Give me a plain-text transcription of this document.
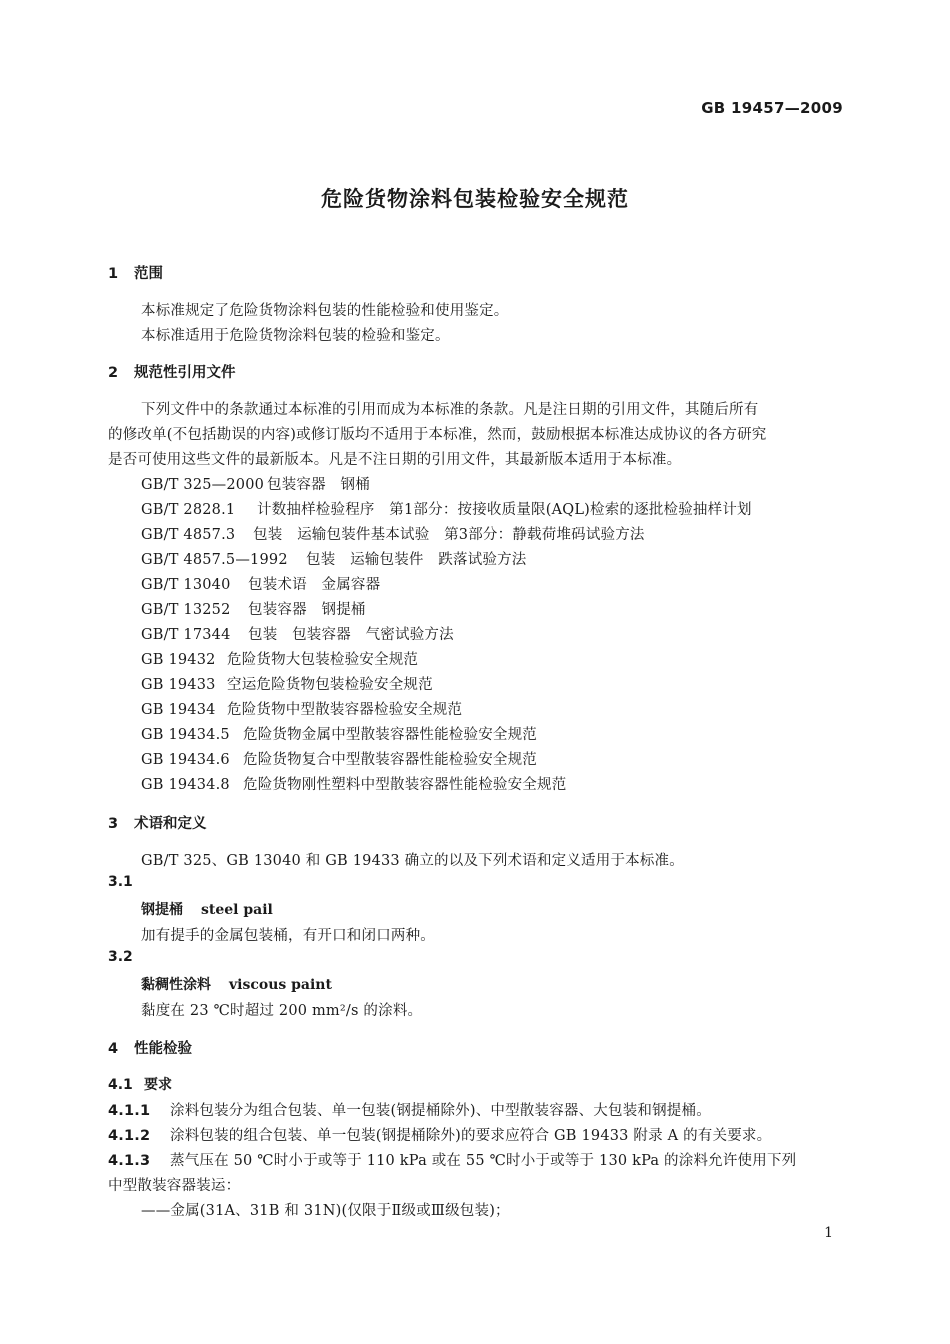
GB 19457—2009
危险货物涂料包装检验安全规范
1 范围
本标准规定了危险货物涂料包装的性能检验和使用鉴定。
本标准适用于危险货物涂料包装的检验和鉴定。
2 规范性引用文件
下列文件中的条款通过本标准的引用而成为本标准的条款。凡是注日期的引用文件，其随后所有
的修改单(不包括勘误的内容)或修订版均不适用于本标准，然而，鼓励根据本标准达成协议的各方研究
是否可使用这些文件的最新版本。凡是不注日期的引用文件，其最新版本适用于本标准。
GB/T 325—2000 包装容器　钢桶
GB/T 2828.1 计数抽样检验程序　第1部分：按接收质量限(AQL)检索的逐批检验抽样计划
GB/T 4857.3 包装　运输包装件基本试验　第3部分：静载荷堆码试验方法
GB/T 4857.5—1992 包装　运输包装件　跌落试验方法
GB/T 13040 包装术语　金属容器
GB/T 13252 包装容器　钢提桶
GB/T 17344 包装　包装容器　气密试验方法
GB 19432 危险货物大包装检验安全规范
GB 19433 空运危险货物包装检验安全规范
GB 19434 危险货物中型散装容器检验安全规范
GB 19434.5 危险货物金属中型散装容器性能检验安全规范
GB 19434.6 危险货物复合中型散装容器性能检验安全规范
GB 19434.8 危险货物刚性塑料中型散装容器性能检验安全规范
3 术语和定义
GB/T 325、GB 13040 和 GB 19433 确立的以及下列术语和定义适用于本标准。
3.1
钢提桶 steel pail
加有提手的金属包装桶，有开口和闭口两种。
3.2
黏稠性涂料 viscous paint
黏度在 23 ℃时超过 200 mm²/s 的涂料。
4 性能检验
4.1 要求
4.1.1 涂料包装分为组合包装、单一包装(钢提桶除外)、中型散装容器、大包装和钢提桶。
4.1.2 涂料包装的组合包装、单一包装(钢提桶除外)的要求应符合 GB 19433 附录 A 的有关要求。
4.1.3 蒸气压在 50 ℃时小于或等于 110 kPa 或在 55 ℃时小于或等于 130 kPa 的涂料允许使用下列
中型散装容器装运：
——金属(31A、31B 和 31N)(仅限于Ⅱ级或Ⅲ级包装)；
1
